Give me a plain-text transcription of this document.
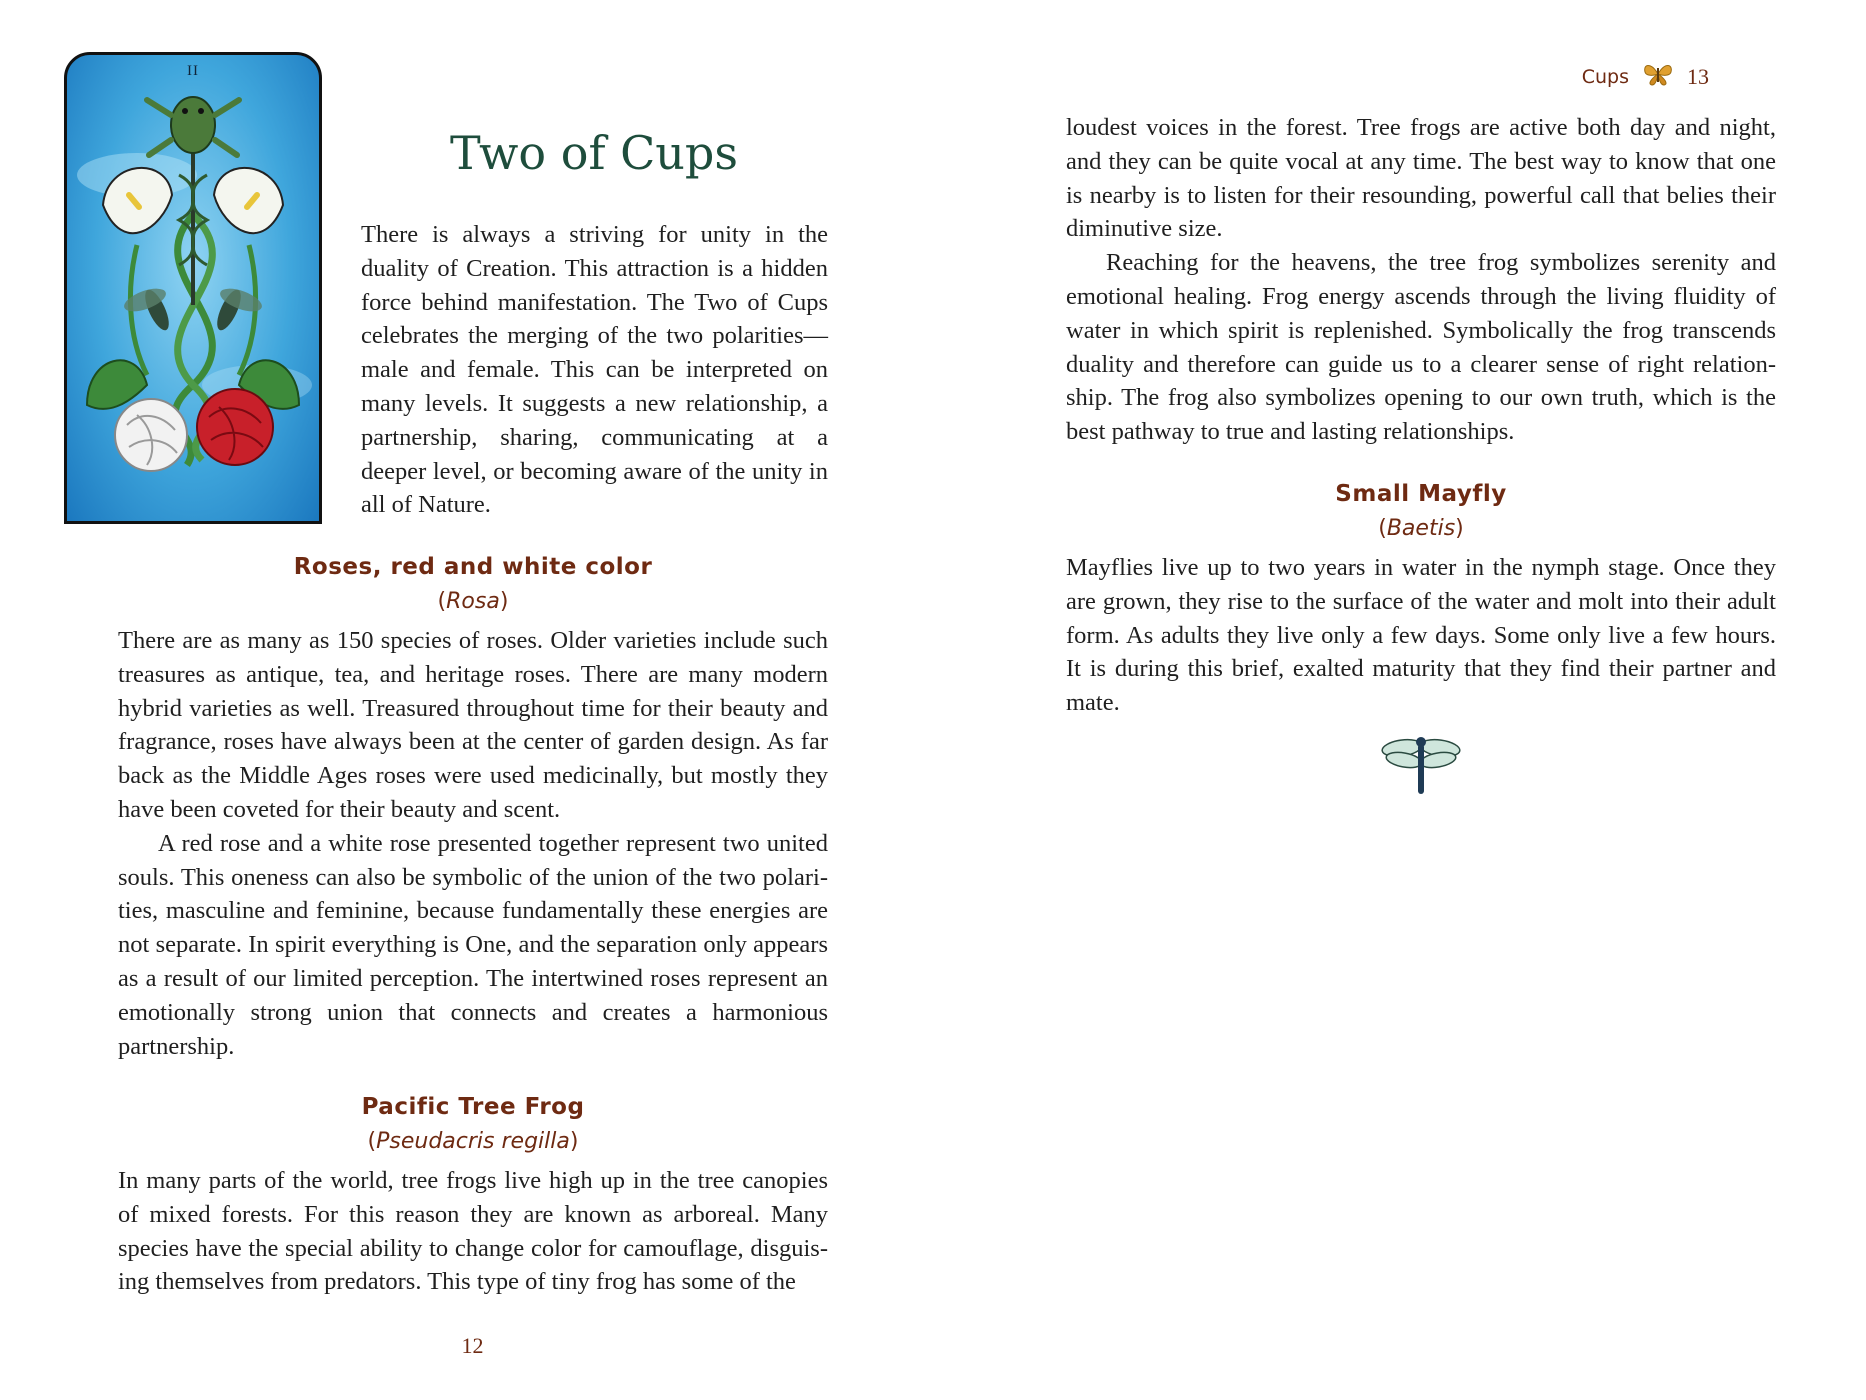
II
Two of Cups

There is always a striving for unity in the duality of Creation. This attraction is a hidden force behind manifestation. The Two of Cups celebrates the merging of the two polarities—male and female. This can be interpreted on many levels. It suggests a new relationship, a partnership, sharing, communicating at a deeper level, or becoming aware of the unity in all of Nature.

Roses, red and white color
(Rosa)

There are as many as 150 species of roses. Older varieties include such treasures as antique, tea, and heritage roses. There are many modern hybrid varieties as well. Treasured throughout time for their beauty and fragrance, roses have always been at the center of garden design. As far back as the Middle Ages roses were used medicinally, but mostly they have been coveted for their beauty and scent.

A red rose and a white rose presented together represent two united souls. This oneness can also be symbolic of the union of the two polarities, masculine and feminine, because fundamentally these energies are not separate. In spirit everything is One, and the separation only appears as a result of our limited perception. The intertwined roses represent an emotionally strong union that connects and creates a harmonious partnership.

Pacific Tree Frog
(Pseudacris regilla)

In many parts of the world, tree frogs live high up in the tree canopies of mixed forests. For this reason they are known as arboreal. Many species have the special ability to change color for camouflage, disguising themselves from predators. This type of tiny frog has some of the

12
Cups	13

loudest voices in the forest. Tree frogs are active both day and night, and they can be quite vocal at any time. The best way to know that one is nearby is to listen for their resounding, powerful call that belies their diminutive size.

Reaching for the heavens, the tree frog symbolizes serenity and emotional healing. Frog energy ascends through the living fluidity of water in which spirit is replenished. Symbolically the frog transcends duality and therefore can guide us to a clearer sense of right relationship. The frog also symbolizes opening to our own truth, which is the best pathway to true and lasting relationships.

Small Mayfly
(Baetis)

Mayflies live up to two years in water in the nymph stage. Once they are grown, they rise to the surface of the water and molt into their adult form. As adults they live only a few days. Some only live a few hours. It is during this brief, exalted maturity that they find their partner and mate.
